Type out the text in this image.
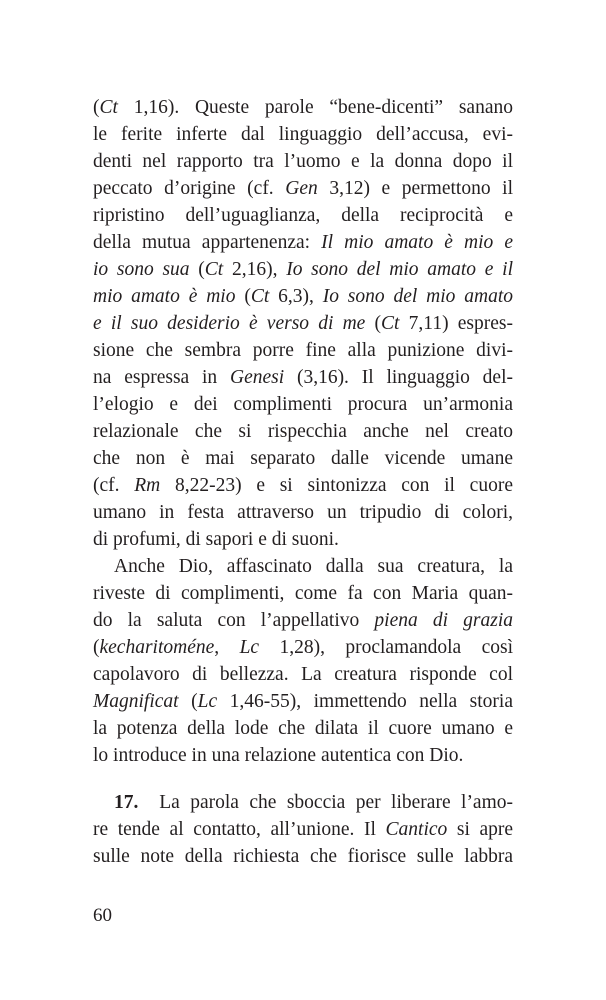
(Ct 1,16). Queste parole “bene-dicenti” sanano
le ferite inferte dal linguaggio dell’accusa, evi-
denti nel rapporto tra l’uomo e la donna dopo il
peccato d’origine (cf. Gen 3,12) e permettono il
ripristino dell’uguaglianza, della reciprocità e
della mutua appartenenza: Il mio amato è mio e
io sono sua (Ct 2,16), Io sono del mio amato e il
mio amato è mio (Ct 6,3), Io sono del mio amato
e il suo desiderio è verso di me (Ct 7,11) espres-
sione che sembra porre fine alla punizione divi-
na espressa in Genesi (3,16). Il linguaggio del-
l’elogio e dei complimenti procura un’armonia
relazionale che si rispecchia anche nel creato
che non è mai separato dalle vicende umane
(cf. Rm 8,22-23) e si sintonizza con il cuore
umano in festa attraverso un tripudio di colori,
di profumi, di sapori e di suoni.
Anche Dio, affascinato dalla sua creatura, la
riveste di complimenti, come fa con Maria quan-
do la saluta con l’appellativo piena di grazia
(kecharitoméne, Lc 1,28), proclamandola così
capolavoro di bellezza. La creatura risponde col
Magnificat (Lc 1,46-55), immettendo nella storia
la potenza della lode che dilata il cuore umano e
lo introduce in una relazione autentica con Dio.
17.  La parola che sboccia per liberare l’amo-
re tende al contatto, all’unione. Il Cantico si apre
sulle note della richiesta che fiorisce sulle labbra
60
